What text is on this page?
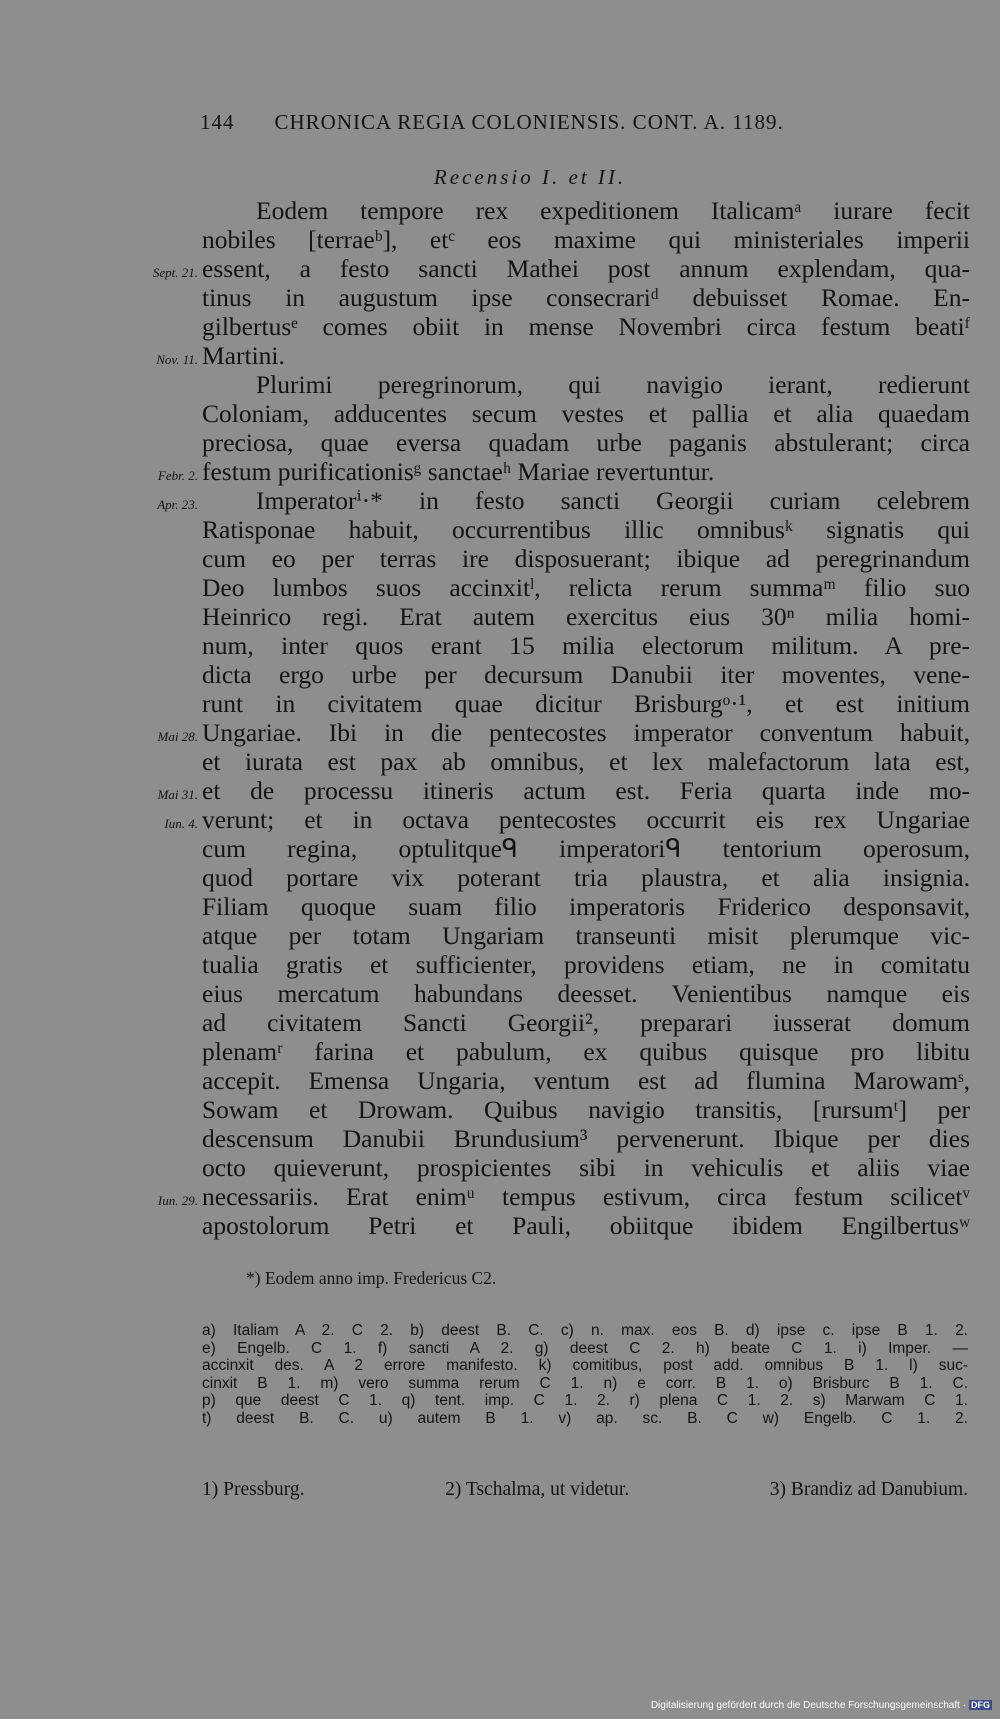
144 CHRONICA REGIA COLONIENSIS. CONT. A. 1189.
Recensio I. et II.
Eodem tempore rex expeditionem Italicamᵃ iurare fecit
nobiles [terraeᵇ], etᶜ eos maxime qui ministeriales imperii
Sept. 21. essent, a festo sancti Mathei post annum explendam, qua-
tinus in augustum ipse consecrariᵈ debuisset Romae. En-
gilbertusᵉ comes obiit in mense Novembri circa festum beatiᶠ
Nov. 11. Martini.
Plurimi peregrinorum, qui navigio ierant, redierunt
Coloniam, adducentes secum vestes et pallia et alia quaedam
preciosa, quae eversa quadam urbe paganis abstulerant; circa
Febr. 2. festum purificationisᵍ sanctaeʰ Mariae revertuntur.
Apr. 23.	Imperatorⁱ·* in festo sancti Georgii curiam celebrem
Ratisponae habuit, occurrentibus illic omnibusᵏ signatis qui
cum eo per terras ire disposuerant; ibique ad peregrinandum
Deo lumbos suos accinxitˡ, relicta rerum summaᵐ filio suo
Heinrico regi. Erat autem exercitus eius 30ⁿ milia homi-
num, inter quos erant 15 milia electorum militum. A pre-
dicta ergo urbe per decursum Danubii iter moventes, vene-
runt in civitatem quae dicitur Brisburgᵒ·¹, et est initium
Mai 28. Ungariae. Ibi in die pentecostes imperator conventum habuit,
et iurata est pax ab omnibus, et lex malefactorum lata est,
Mai 31. et de processu itineris actum est. Feria quarta inde mo-
Iun. 4. verunt; et in octava pentecostes occurrit eis rex Ungariae
cum regina, optulitqueᑫ imperatoriᑫ tentorium operosum,
quod portare vix poterant tria plaustra, et alia insignia.
Filiam quoque suam filio imperatoris Friderico desponsavit,
atque per totam Ungariam transeunti misit plerumque vic-
tualia gratis et sufficienter, providens etiam, ne in comitatu
eius mercatum habundans deesset. Venientibus namque eis
ad civitatem Sancti Georgii², preparari iusserat domum
plenamʳ farina et pabulum, ex quibus quisque pro libitu
accepit. Emensa Ungaria, ventum est ad flumina Marowamˢ,
Sowam et Drowam. Quibus navigio transitis, [rursumᵗ] per
descensum Danubii Brundusium³ pervenerunt. Ibique per dies
octo quieverunt, prospicientes sibi in vehiculis et aliis viae
Iun. 29. necessariis. Erat enimᵘ tempus estivum, circa festum scilicetᵛ
apostolorum Petri et Pauli, obiitque ibidem Engilbertusʷ
*) Eodem anno imp. Fredericus C2.
a) Italiam A 2. C 2. b) deest B. C. c) n. max. eos B. d) ipse c. ipse B 1. 2.
e) Engelb. C 1. f) sancti A 2. g) deest C 2. h) beate C 1. i) Imper. —
accinxit des. A 2 errore manifesto. k) comitibus, post add. omnibus B 1. l) suc-
cinxit B 1. m) vero summa rerum C 1. n) e corr. B 1. o) Brisburc B 1. C.
p) que deest C 1. q) tent. imp. C 1. 2. r) plena C 1. 2. s) Marwam C 1.
t) deest B. C. u) autem B 1. v) ap. sc. B. C w) Engelb. C 1. 2.
1) Pressburg.	2) Tschalma, ut videtur.	3) Brandiz ad Danubium.
Digitalisierung gefördert durch die Deutsche Forschungsgemeinschaft · DFG
